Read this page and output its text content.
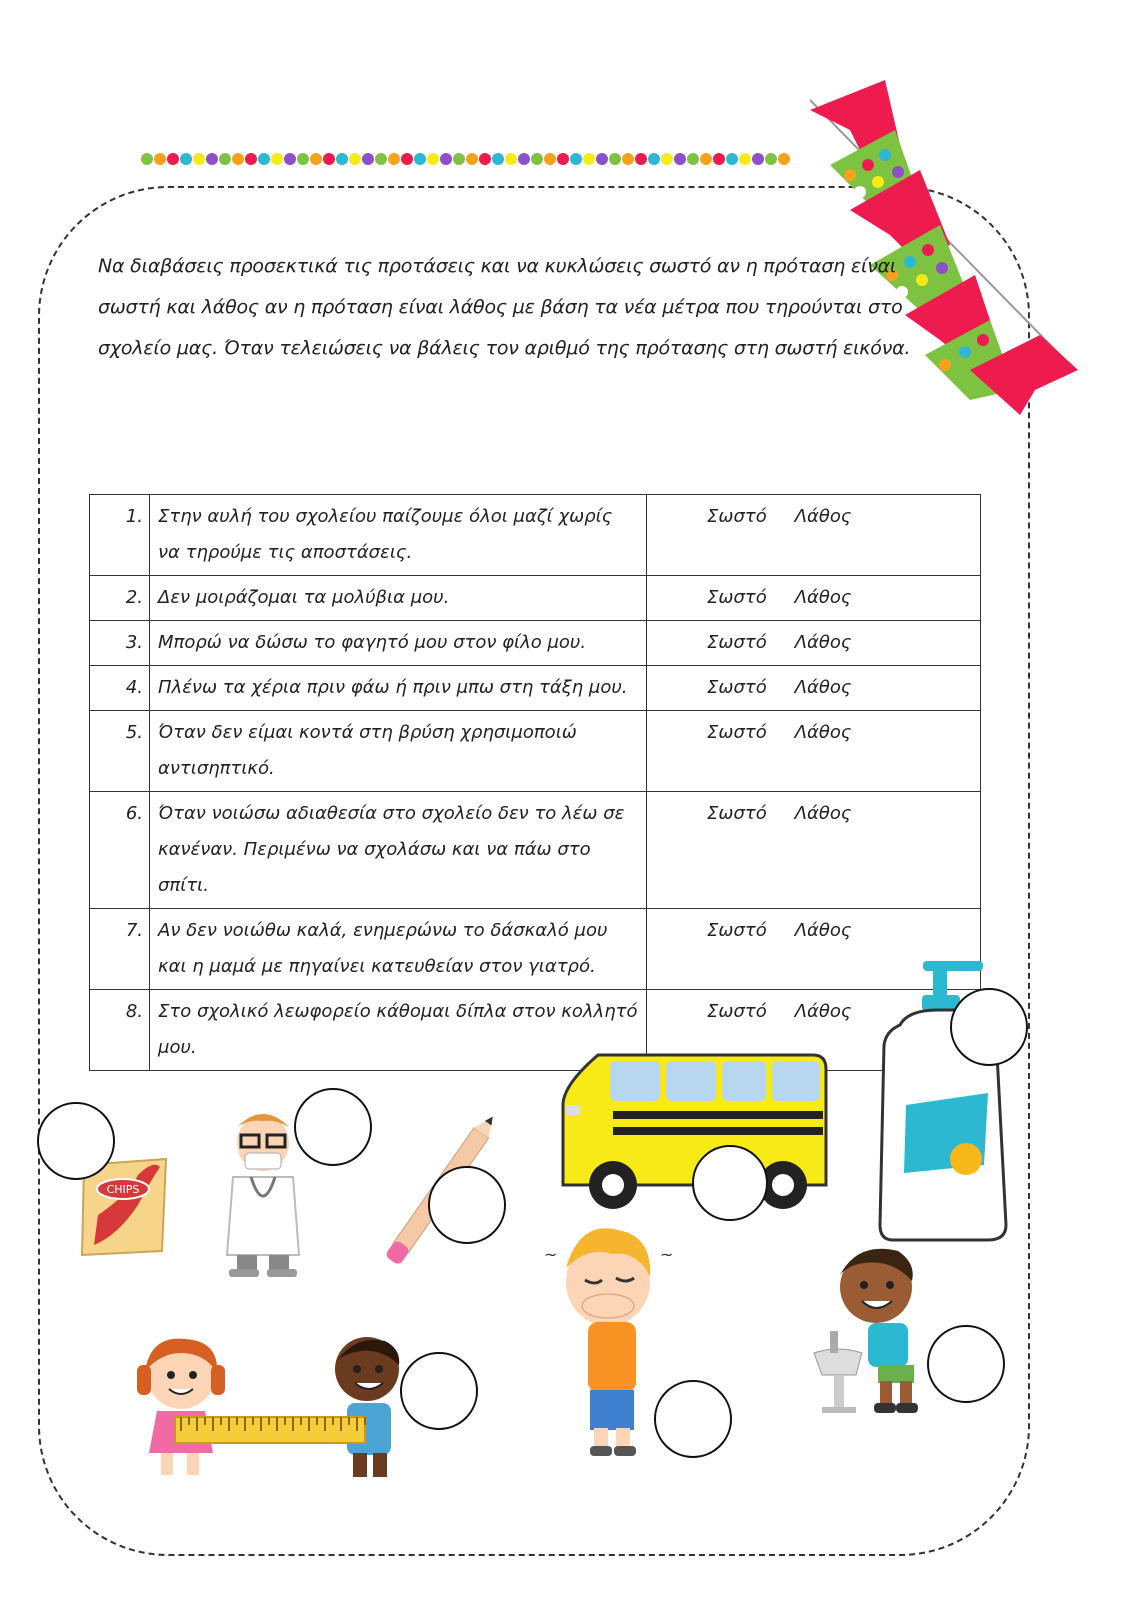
Να διαβάσεις προσεκτικά τις προτάσεις και να κυκλώσεις σωστό αν η πρόταση είναι σωστή και λάθος αν η πρόταση είναι λάθος με βάση τα νέα μέτρα που τηρούνται στο σχολείο μας. Όταν τελειώσεις να βάλεις τον αριθμό της πρότασης στη σωστή εικόνα.
1.	Στην αυλή του σχολείου παίζουμε όλοι μαζί χωρίς να τηρούμε τις αποστάσεις.	Σωστό Λάθος
2.	Δεν μοιράζομαι τα μολύβια μου.	Σωστό Λάθος
3.	Μπορώ να δώσω το φαγητό μου στον φίλο μου.	Σωστό Λάθος
4.	Πλένω τα χέρια πριν φάω ή πριν μπω στη τάξη μου.	Σωστό Λάθος
5.	Όταν δεν είμαι κοντά στη βρύση χρησιμοποιώ αντισηπτικό.	Σωστό Λάθος
6.	Όταν νοιώσω αδιαθεσία στο σχολείο δεν το λέω σε κανέναν. Περιμένω να σχολάσω και να πάω στο σπίτι.	Σωστό Λάθος
7.	Αν δεν νοιώθω καλά, ενημερώνω το δάσκαλό μου και η μαμά με πηγαίνει κατευθείαν στον γιατρό.	Σωστό Λάθος
8.	Στο σχολικό λεωφορείο κάθομαι δίπλα στον κολλητό μου.	Σωστό Λάθος
CHIPS
~	~
